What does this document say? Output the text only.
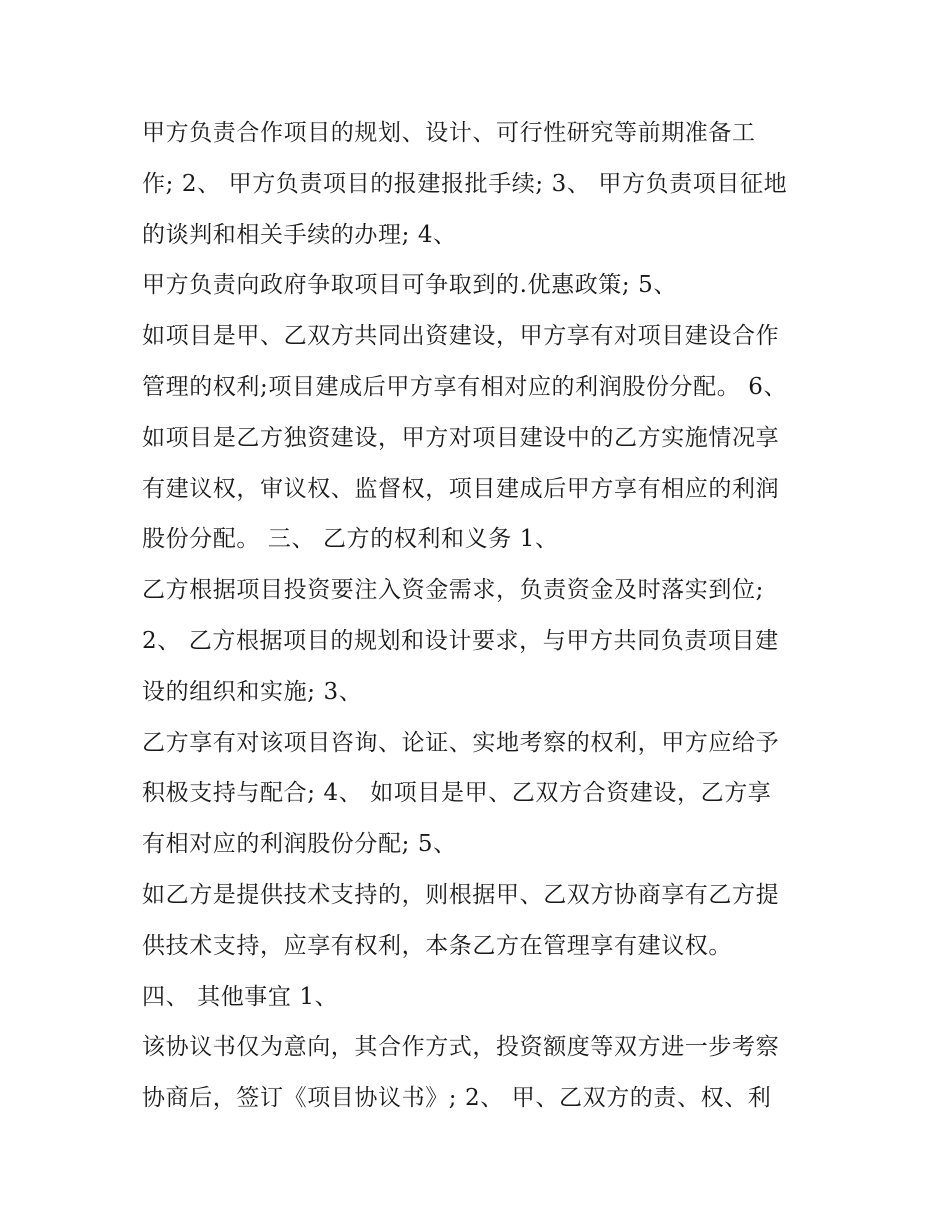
甲方负责合作项目的规划、设计、可行性研究等前期准备工
作; 2、 甲方负责项目的报建报批手续; 3、 甲方负责项目征地
的谈判和相关手续的办理; 4、
甲方负责向政府争取项目可争取到的.优惠政策; 5、
如项目是甲、乙双方共同出资建设，甲方享有对项目建设合作
管理的权利;项目建成后甲方享有相对应的利润股份分配。 6、
如项目是乙方独资建设，甲方对项目建设中的乙方实施情况享
有建议权，审议权、监督权，项目建成后甲方享有相应的利润
股份分配。 三、 乙方的权利和义务 1、
乙方根据项目投资要注入资金需求，负责资金及时落实到位;
2、 乙方根据项目的规划和设计要求，与甲方共同负责项目建
设的组织和实施; 3、
乙方享有对该项目咨询、论证、实地考察的权利，甲方应给予
积极支持与配合; 4、 如项目是甲、乙双方合资建设，乙方享
有相对应的利润股份分配; 5、
如乙方是提供技术支持的，则根据甲、乙双方协商享有乙方提
供技术支持，应享有权利，本条乙方在管理享有建议权。
四、 其他事宜 1、
该协议书仅为意向，其合作方式，投资额度等双方进一步考察
协商后，签订《项目协议书》; 2、 甲、乙双方的责、权、利
